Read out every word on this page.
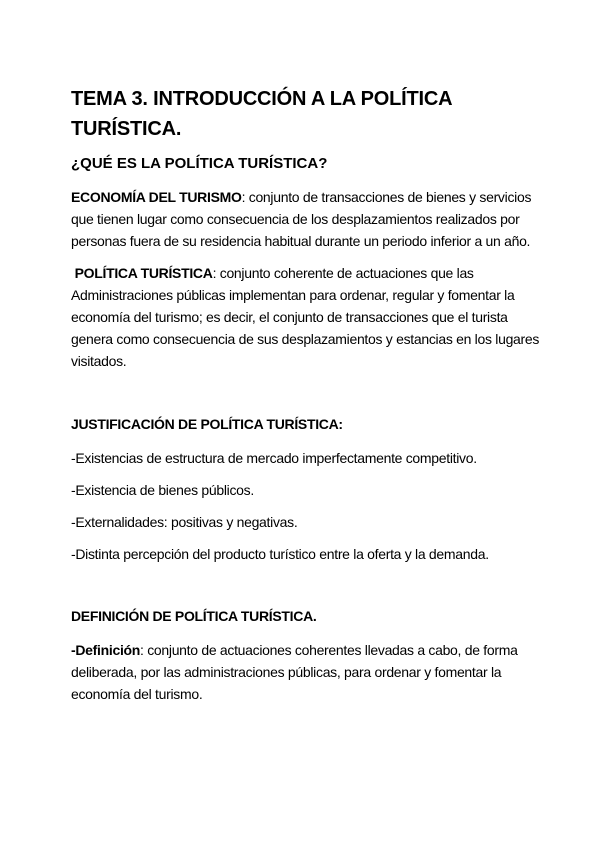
TEMA 3. INTRODUCCIÓN A LA POLÍTICA TURÍSTICA.
¿QUÉ ES LA POLÍTICA TURÍSTICA?

ECONOMÍA DEL TURISMO: conjunto de transacciones de bienes y servicios que tienen lugar como consecuencia de los desplazamientos realizados por personas fuera de su residencia habitual durante un periodo inferior a un año.

POLÍTICA TURÍSTICA: conjunto coherente de actuaciones que las Administraciones públicas implementan para ordenar, regular y fomentar la economía del turismo; es decir, el conjunto de transacciones que el turista genera como consecuencia de sus desplazamientos y estancias en los lugares visitados.

JUSTIFICACIÓN DE POLÍTICA TURÍSTICA:

-Existencias de estructura de mercado imperfectamente competitivo.

-Existencia de bienes públicos.

-Externalidades: positivas y negativas.

-Distinta percepción del producto turístico entre la oferta y la demanda.

DEFINICIÓN DE POLÍTICA TURÍSTICA.

-Definición: conjunto de actuaciones coherentes llevadas a cabo, de forma deliberada, por las administraciones públicas, para ordenar y fomentar la economía del turismo.
